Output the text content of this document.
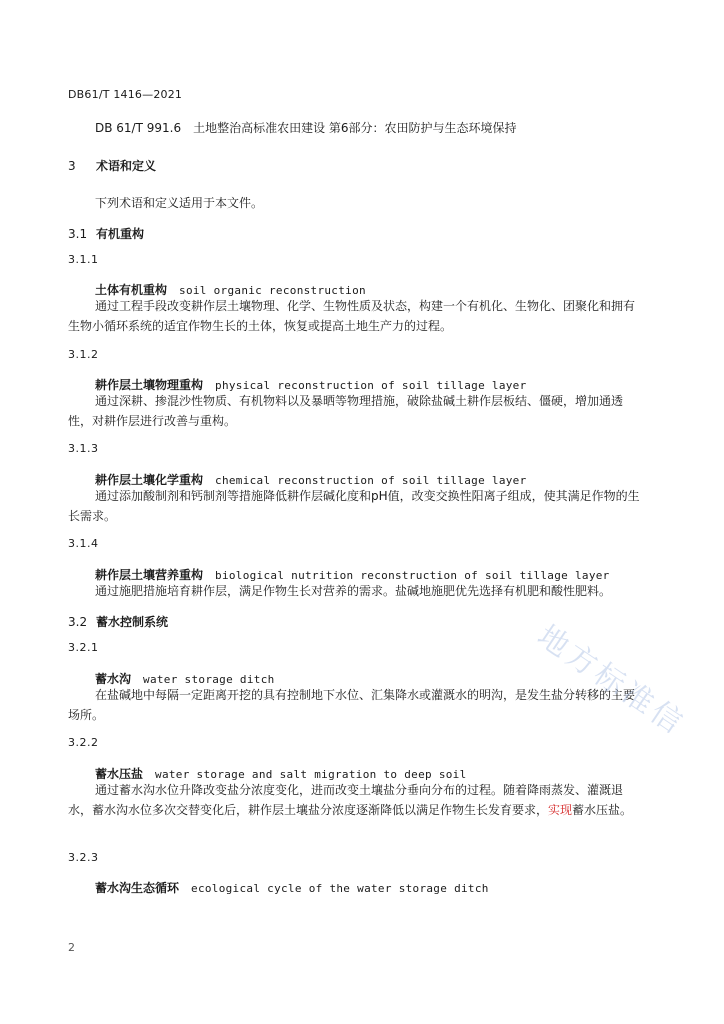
DB61/T 1416—2021
DB 61/T 991.6 土地整治高标准农田建设 第6部分：农田防护与生态环境保持
3 术语和定义
下列术语和定义适用于本文件。
3.1 有机重构
3.1.1
土体有机重构 soil organic reconstruction
通过工程手段改变耕作层土壤物理、化学、生物性质及状态，构建一个有机化、生物化、团聚化和拥有生物小循环系统的适宜作物生长的土体，恢复或提高土地生产力的过程。
3.1.2
耕作层土壤物理重构 physical reconstruction of soil tillage layer
通过深耕、掺混沙性物质、有机物料以及暴晒等物理措施，破除盐碱土耕作层板结、僵硬，增加通透性，对耕作层进行改善与重构。
3.1.3
耕作层土壤化学重构 chemical reconstruction of soil tillage layer
通过添加酸制剂和钙制剂等措施降低耕作层碱化度和pH值，改变交换性阳离子组成，使其满足作物的生长需求。
3.1.4
耕作层土壤营养重构 biological nutrition reconstruction of soil tillage layer
通过施肥措施培育耕作层，满足作物生长对营养的需求。盐碱地施肥优先选择有机肥和酸性肥料。
3.2 蓄水控制系统
3.2.1
蓄水沟 water storage ditch
在盐碱地中每隔一定距离开挖的具有控制地下水位、汇集降水或灌溉水的明沟，是发生盐分转移的主要场所。
3.2.2
蓄水压盐 water storage and salt migration to deep soil
通过蓄水沟水位升降改变盐分浓度变化，进而改变土壤盐分垂向分布的过程。随着降雨蒸发、灌溉退水，蓄水沟水位多次交替变化后，耕作层土壤盐分浓度逐渐降低以满足作物生长发育要求，实现蓄水压盐。
3.2.3
蓄水沟生态循环 ecological cycle of the water storage ditch
2
地方标准信
